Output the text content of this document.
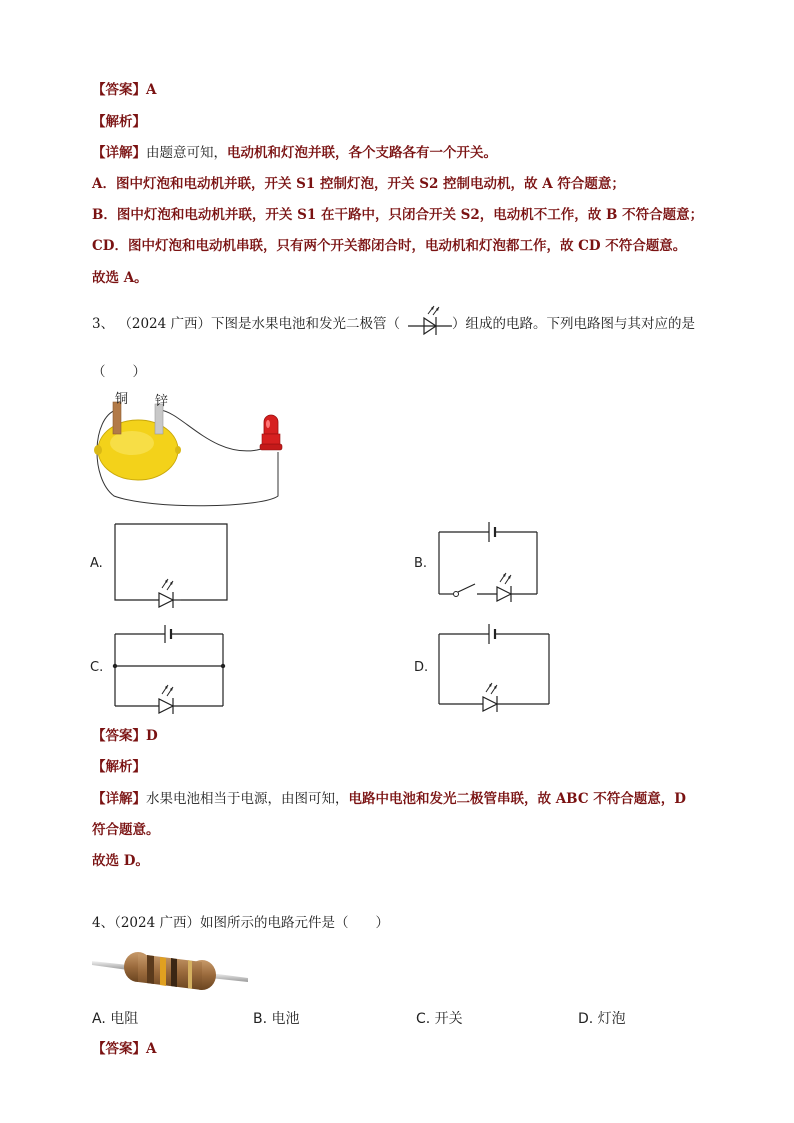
【答案】A
【解析】
【详解】由题意可知，电动机和灯泡并联，各个支路各有一个开关。
A．图中灯泡和电动机并联，开关 S1 控制灯泡，开关 S2 控制电动机，故 A 符合题意；
B．图中灯泡和电动机并联，开关 S1 在干路中，只闭合开关 S2，电动机不工作，故 B 不符合题意；
CD．图中灯泡和电动机串联，只有两个开关都闭合时，电动机和灯泡都工作，故 CD 不符合题意。
故选 A。
3、 （2024 广西）下图是水果电池和发光二极管（	）组成的电路。下列电路图与其对应的是
（　　）
铜 锌
A.	B.
C.	D.
【答案】D
【解析】
【详解】水果电池相当于电源，由图可知，电路中电池和发光二极管串联，故 ABC 不符合题意，D
符合题意。
故选 D。
4、（2024 广西）如图所示的电路元件是（　　）
A. 电阻	B. 电池	C. 开关	D. 灯泡
【答案】A
